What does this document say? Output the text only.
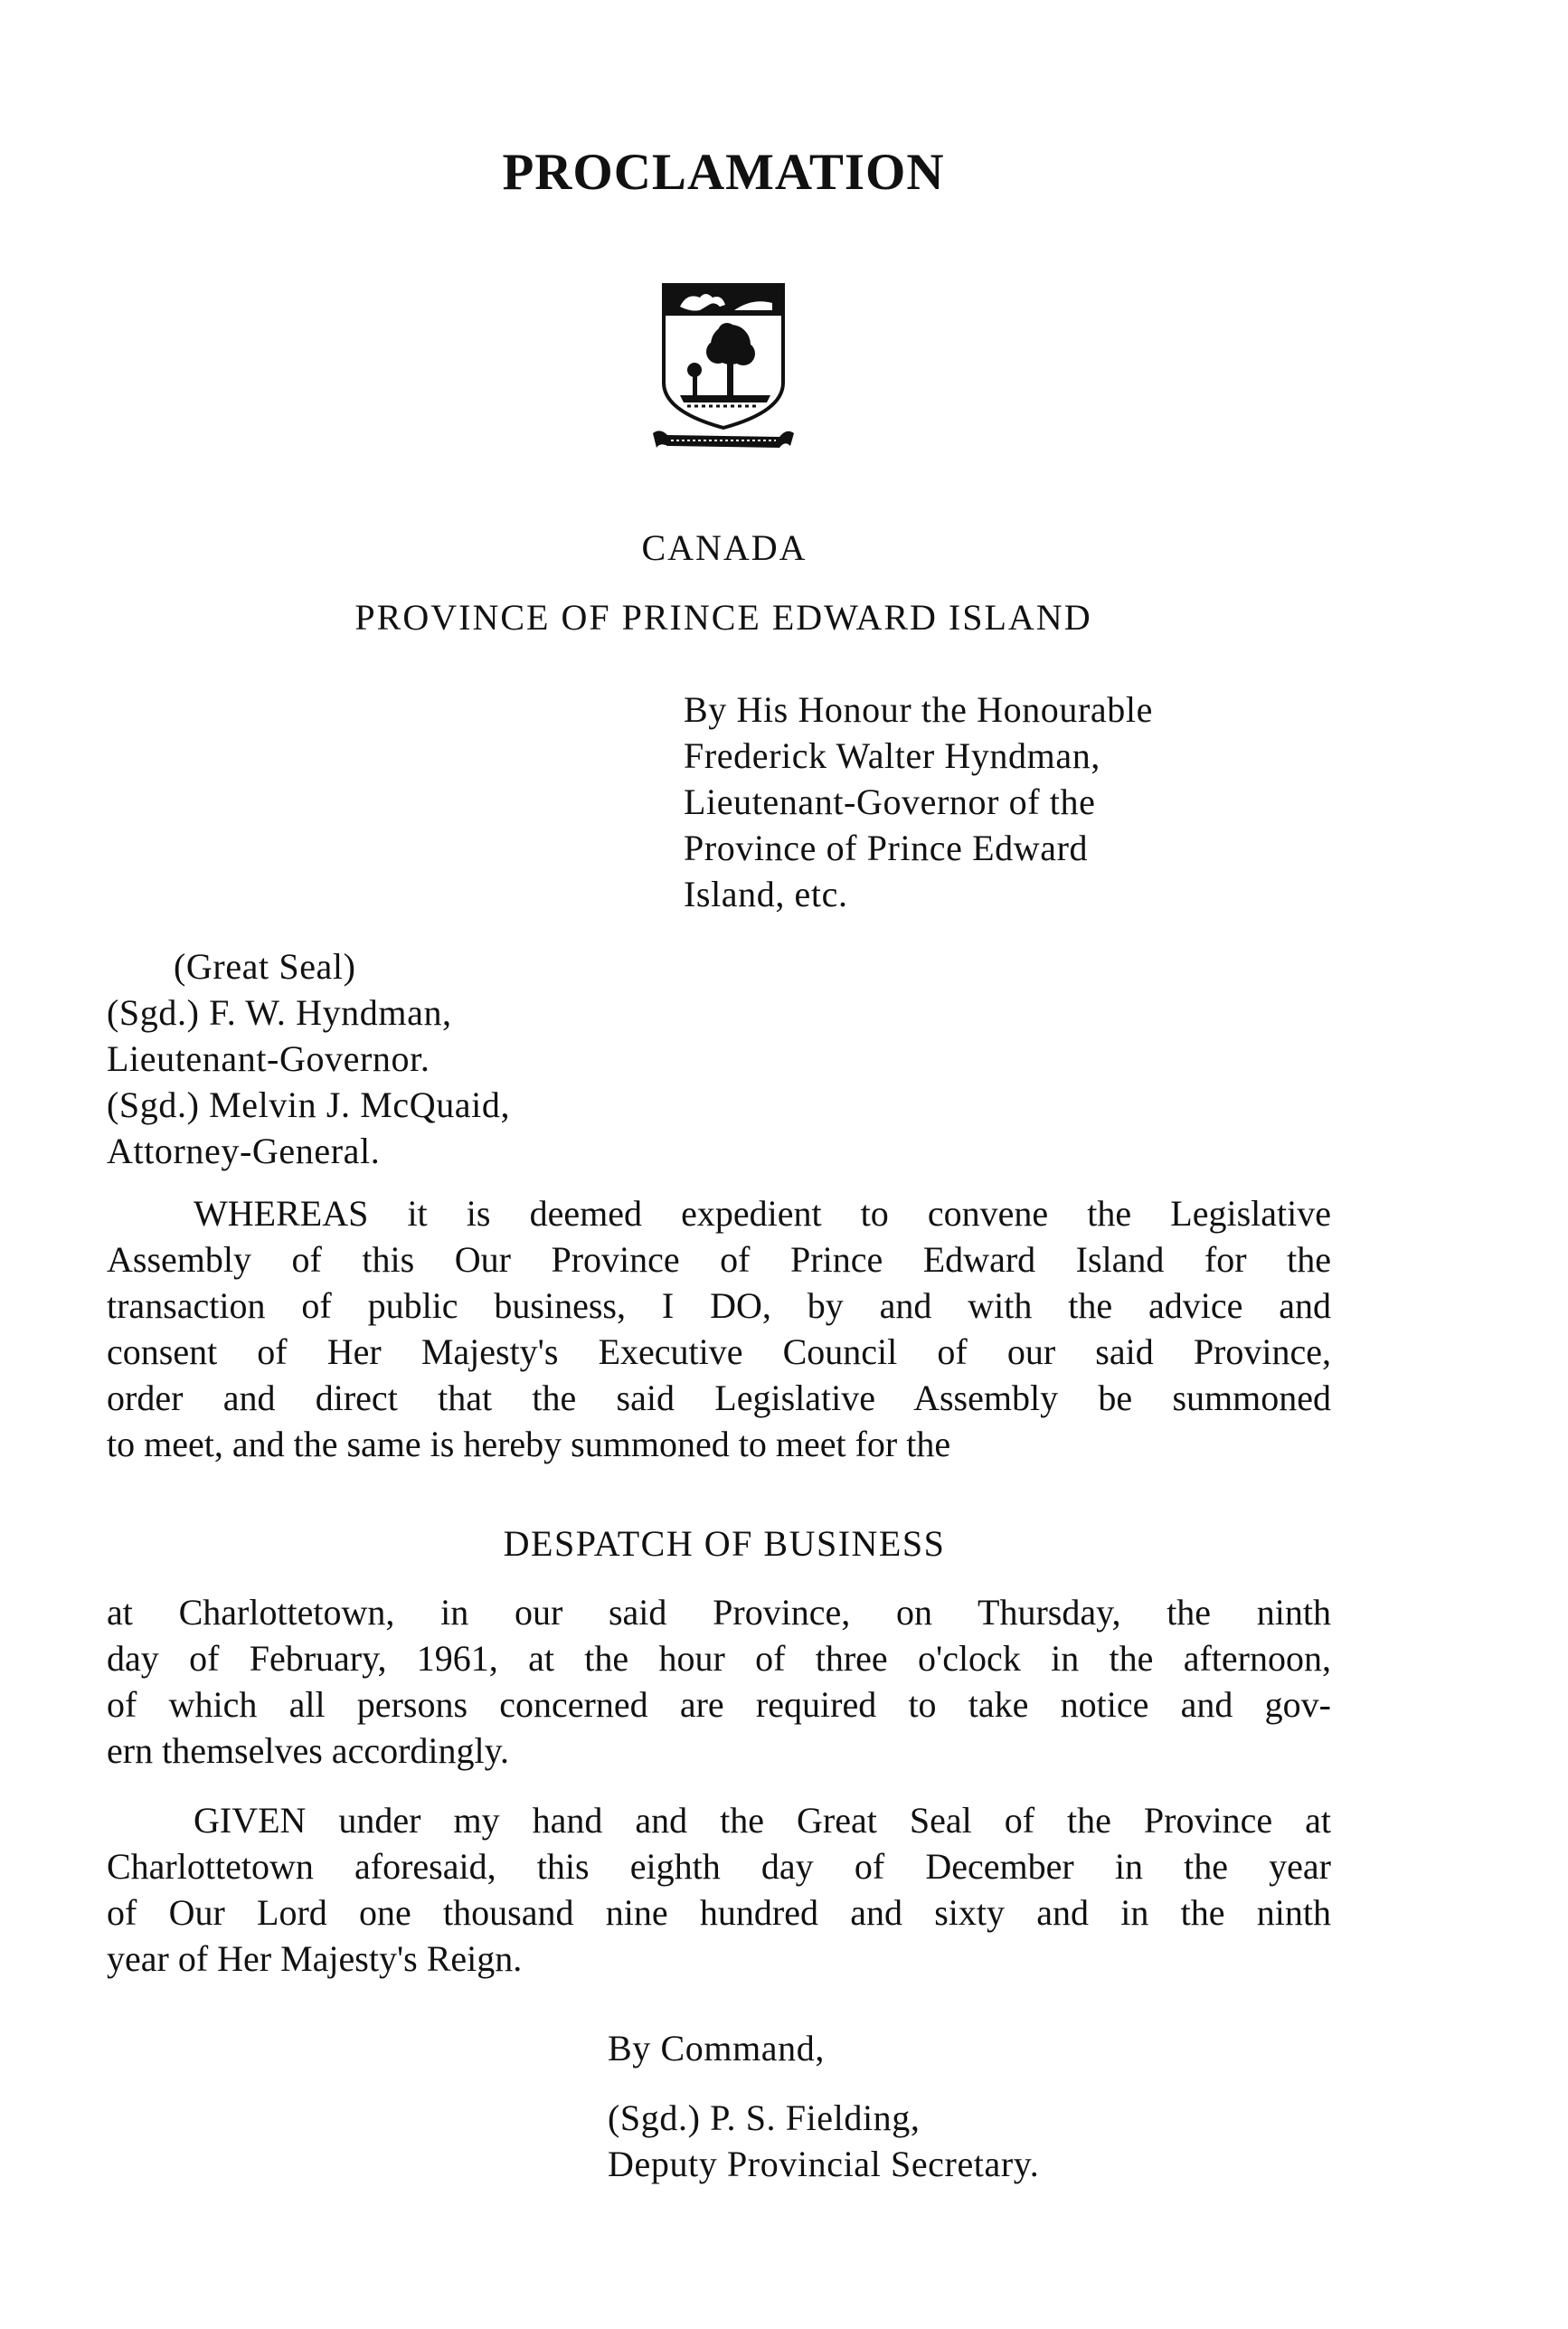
PROCLAMATION
CANADA
PROVINCE OF PRINCE EDWARD ISLAND
By His Honour the Honourable
Frederick Walter Hyndman,
Lieutenant-Governor of the
Province of Prince Edward
Island, etc.
(Great Seal)
(Sgd.) F. W. Hyndman,
Lieutenant-Governor.
(Sgd.) Melvin J. McQuaid,
Attorney-General.
WHEREAS it is deemed expedient to convene the Legislative
Assembly of this Our Province of Prince Edward Island for the
transaction of public business, I DO, by and with the advice and
consent of Her Majesty's Executive Council of our said Province,
order and direct that the said Legislative Assembly be summoned
to meet, and the same is hereby summoned to meet for the
DESPATCH OF BUSINESS
at Charlottetown, in our said Province, on Thursday, the ninth
day of February, 1961, at the hour of three o'clock in the afternoon,
of which all persons concerned are required to take notice and gov-
ern themselves accordingly.
GIVEN under my hand and the Great Seal of the Province at
Charlottetown aforesaid, this eighth day of December in the year
of Our Lord one thousand nine hundred and sixty and in the ninth
year of Her Majesty's Reign.
By Command,
(Sgd.) P. S. Fielding,
Deputy Provincial Secretary.
